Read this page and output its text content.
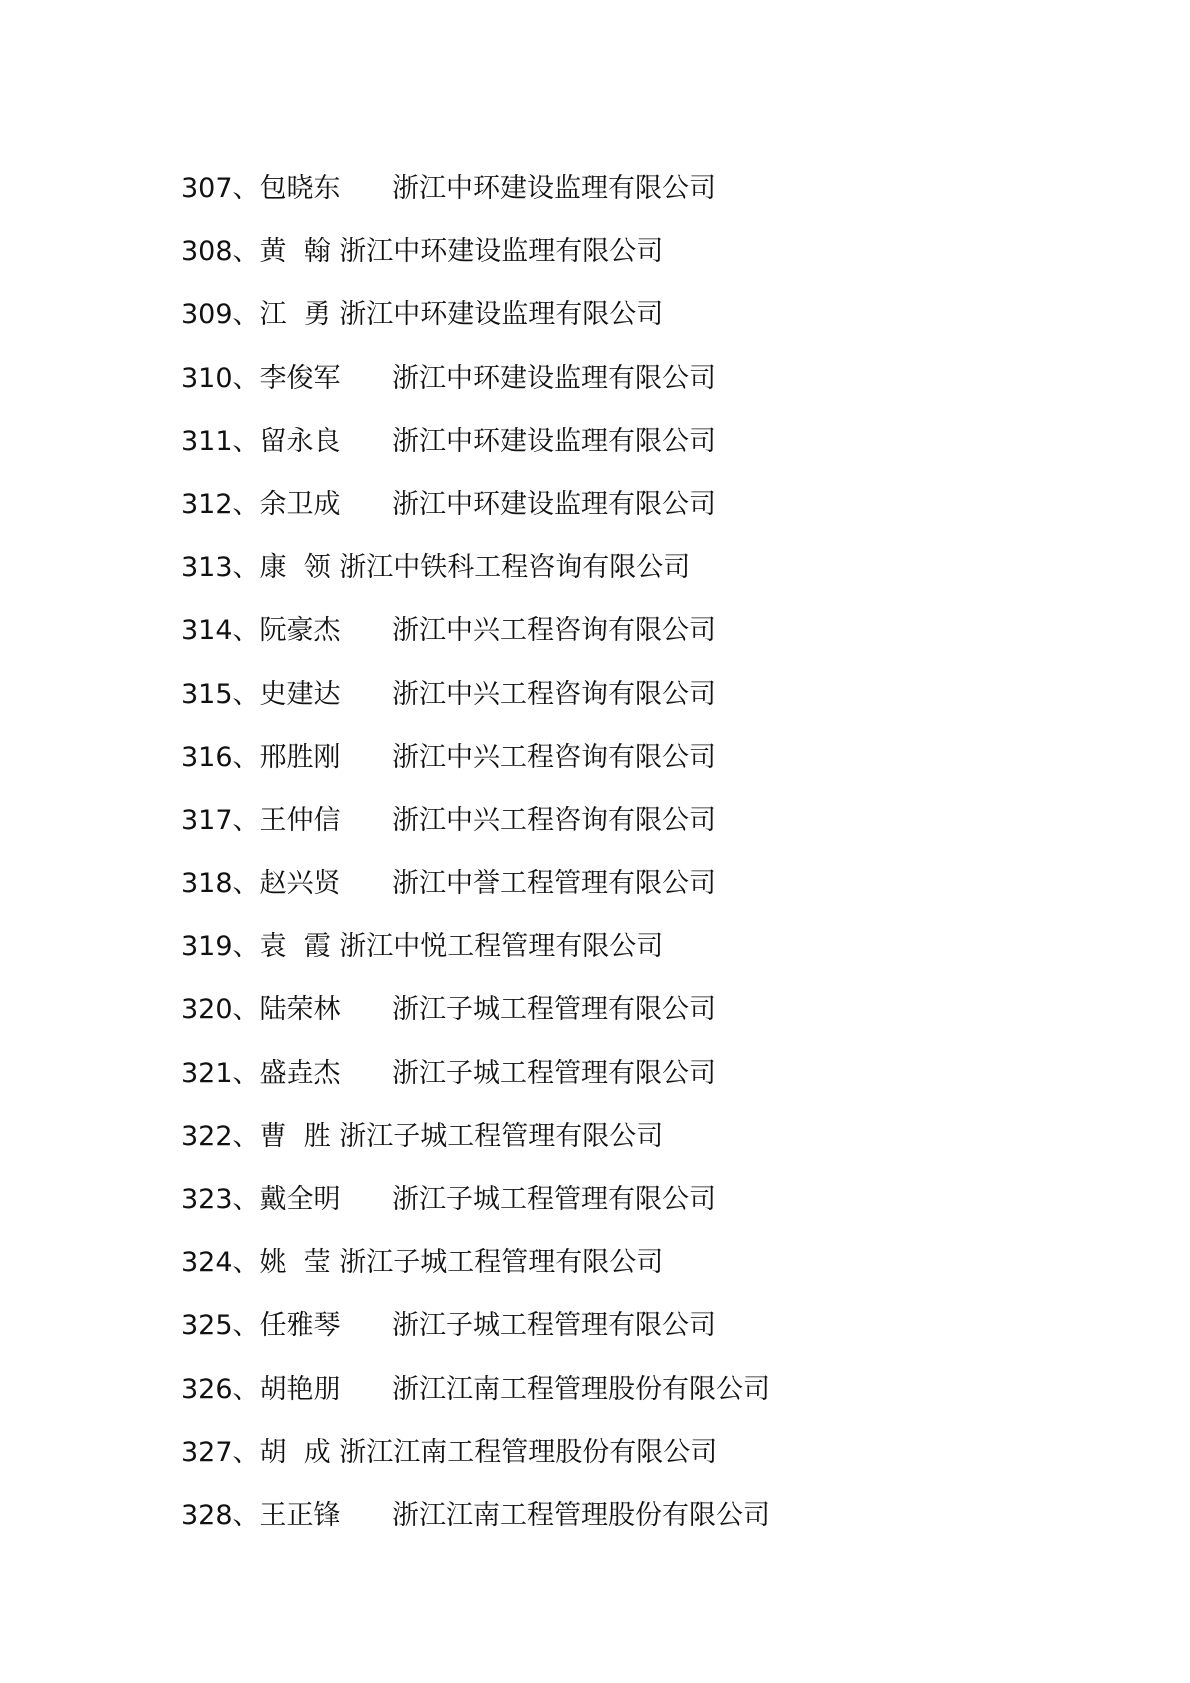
307、包晓东      浙江中环建设监理有限公司
308、黄  翰 浙江中环建设监理有限公司
309、江  勇 浙江中环建设监理有限公司
310、李俊军      浙江中环建设监理有限公司
311、留永良      浙江中环建设监理有限公司
312、余卫成      浙江中环建设监理有限公司
313、康  领 浙江中铁科工程咨询有限公司
314、阮豪杰      浙江中兴工程咨询有限公司
315、史建达      浙江中兴工程咨询有限公司
316、邢胜刚      浙江中兴工程咨询有限公司
317、王仲信      浙江中兴工程咨询有限公司
318、赵兴贤      浙江中誉工程管理有限公司
319、袁  霞 浙江中悦工程管理有限公司
320、陆荣林      浙江子城工程管理有限公司
321、盛垚杰      浙江子城工程管理有限公司
322、曹  胜 浙江子城工程管理有限公司
323、戴全明      浙江子城工程管理有限公司
324、姚  莹 浙江子城工程管理有限公司
325、任雅琴      浙江子城工程管理有限公司
326、胡艳朋      浙江江南工程管理股份有限公司
327、胡  成 浙江江南工程管理股份有限公司
328、王正锋      浙江江南工程管理股份有限公司
